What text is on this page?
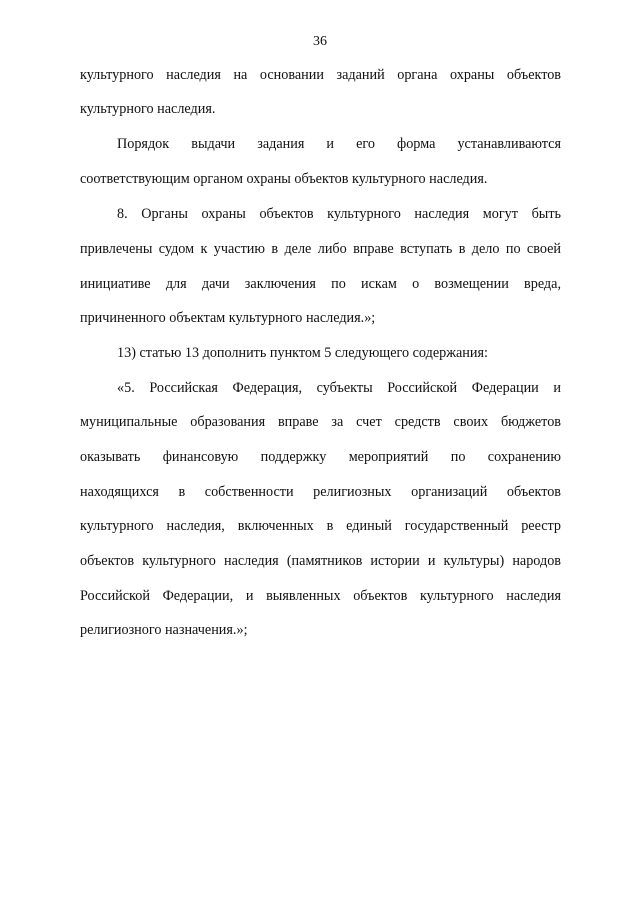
36
культурного наследия на основании заданий органа охраны объектов
культурного наследия.
Порядок выдачи задания и его форма устанавливаются
соответствующим органом охраны объектов культурного наследия.
8. Органы охраны объектов культурного наследия могут быть
привлечены судом к участию в деле либо вправе вступать в дело по своей
инициативе для дачи заключения по искам о возмещении вреда,
причиненного объектам культурного наследия.»;
13) статью 13 дополнить пунктом 5 следующего содержания:
«5. Российская Федерация, субъекты Российской Федерации и
муниципальные образования вправе за счет средств своих бюджетов
оказывать финансовую поддержку мероприятий по сохранению
находящихся в собственности религиозных организаций объектов
культурного наследия, включенных в единый государственный реестр
объектов культурного наследия (памятников истории и культуры) народов
Российской Федерации, и выявленных объектов культурного наследия
религиозного назначения.»;
